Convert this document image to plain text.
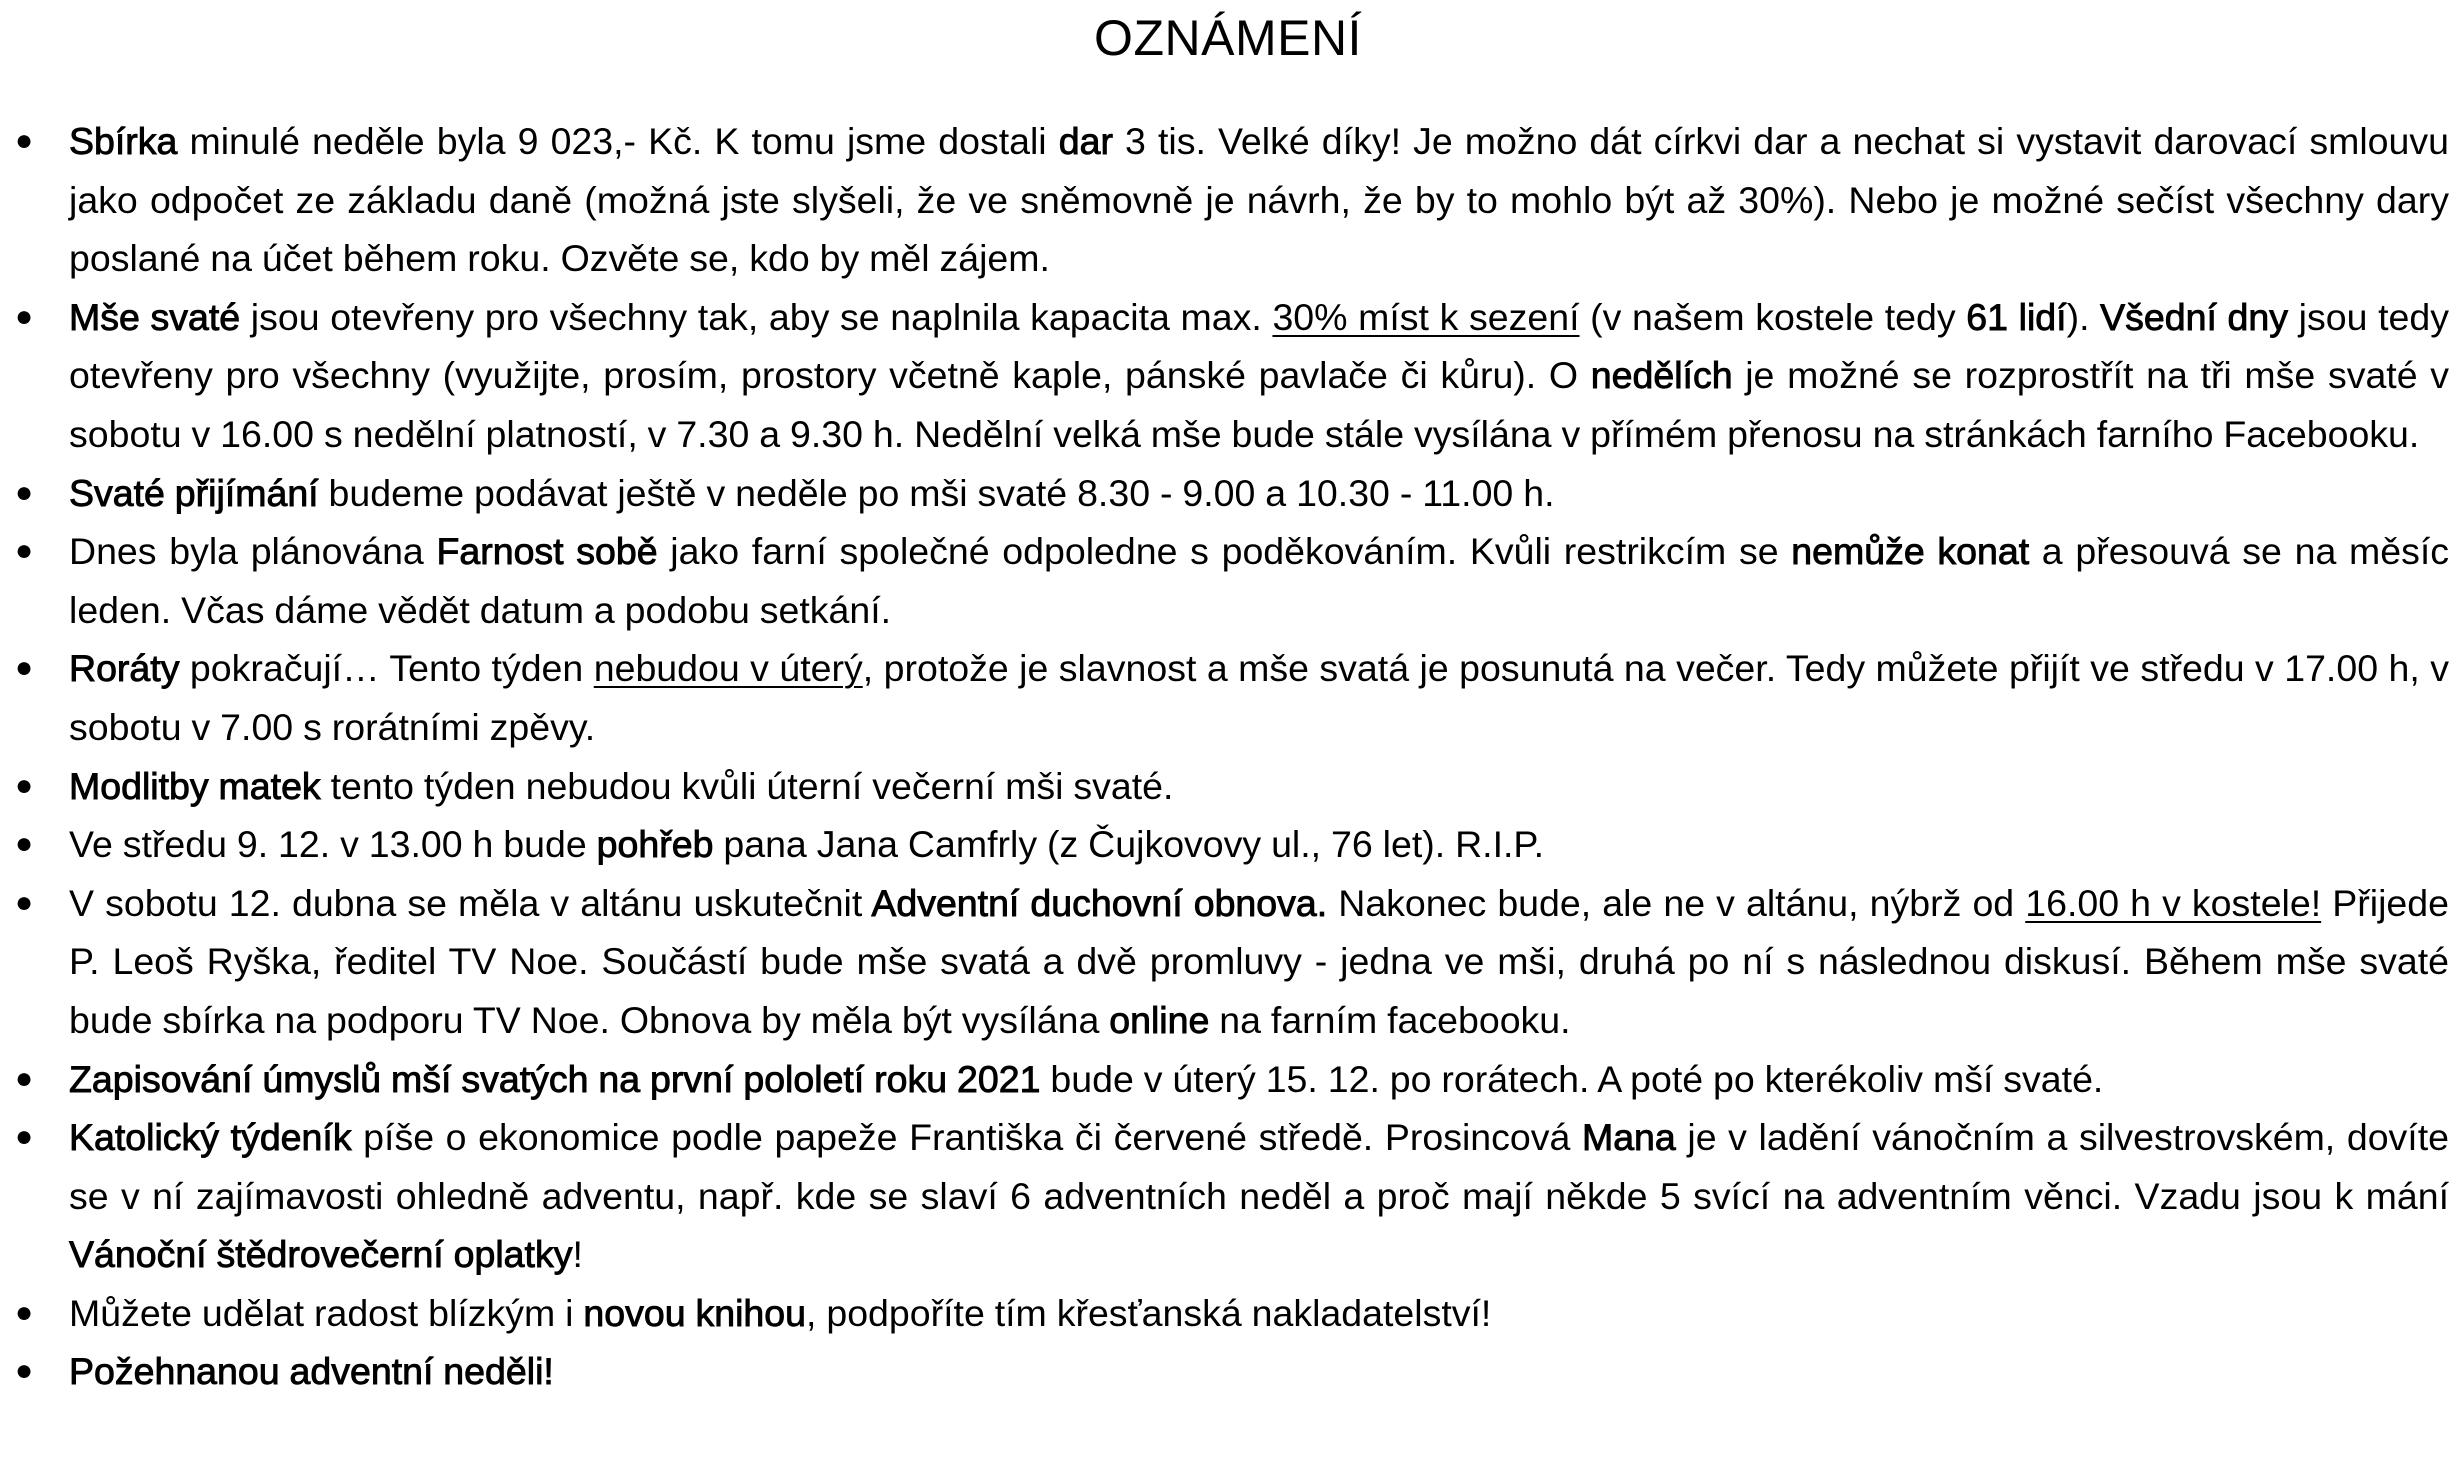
OZNÁMENÍ
● Sbírka minulé neděle byla 9 023,- Kč. K tomu jsme dostali dar 3 tis. Velké díky! Je možno dát církvi dar a nechat si vystavit darovací smlouvu jako odpočet ze základu daně (možná jste slyšeli, že ve sněmovně je návrh, že by to mohlo být až 30%). Nebo je možné sečíst všechny dary poslané na účet během roku. Ozvěte se, kdo by měl zájem.
● Mše svaté jsou otevřeny pro všechny tak, aby se naplnila kapacita max. 30% míst k sezení (v našem kostele tedy 61 lidí). Všední dny jsou tedy otevřeny pro všechny (využijte, prosím, prostory včetně kaple, pánské pavlače či kůru). O nedělích je možné se rozprostřít na tři mše svaté v sobotu v 16.00 s nedělní platností, v 7.30 a 9.30 h. Nedělní velká mše bude stále vysílána v přímém přenosu na stránkách farního Facebooku.
● Svaté přijímání budeme podávat ještě v neděle po mši svaté 8.30 - 9.00 a 10.30 - 11.00 h.
● Dnes byla plánována Farnost sobě jako farní společné odpoledne s poděkováním. Kvůli restrikcím se nemůže konat a přesouvá se na měsíc leden. Včas dáme vědět datum a podobu setkání.
● Roráty pokračují… Tento týden nebudou v úterý, protože je slavnost a mše svatá je posunutá na večer. Tedy můžete přijít ve středu v 17.00 h, v sobotu v 7.00 s rorátními zpěvy.
● Modlitby matek tento týden nebudou kvůli úterní večerní mši svaté.
● Ve středu 9. 12. v 13.00 h bude pohřeb pana Jana Camfrly (z Čujkovovy ul., 76 let). R.I.P.
● V sobotu 12. dubna se měla v altánu uskutečnit Adventní duchovní obnova. Nakonec bude, ale ne v altánu, nýbrž od 16.00 h v kostele! Přijede P. Leoš Ryška, ředitel TV Noe. Součástí bude mše svatá a dvě promluvy - jedna ve mši, druhá po ní s následnou diskusí. Během mše svaté bude sbírka na podporu TV Noe. Obnova by měla být vysílána online na farním facebooku.
● Zapisování úmyslů mší svatých na první pololetí roku 2021 bude v úterý 15. 12. po rorátech. A poté po kterékoliv mší svaté.
● Katolický týdeník píše o ekonomice podle papeže Františka či červené středě. Prosincová Mana je v ladění vánočním a silvestrovském, dovíte se v ní zajímavosti ohledně adventu, např. kde se slaví 6 adventních neděl a proč mají někde 5 svící na adventním věnci. Vzadu jsou k mání Vánoční štědrovečerní oplatky!
● Můžete udělat radost blízkým i novou knihou, podpoříte tím křesťanská nakladatelství!
● Požehnanou adventní neděli!
